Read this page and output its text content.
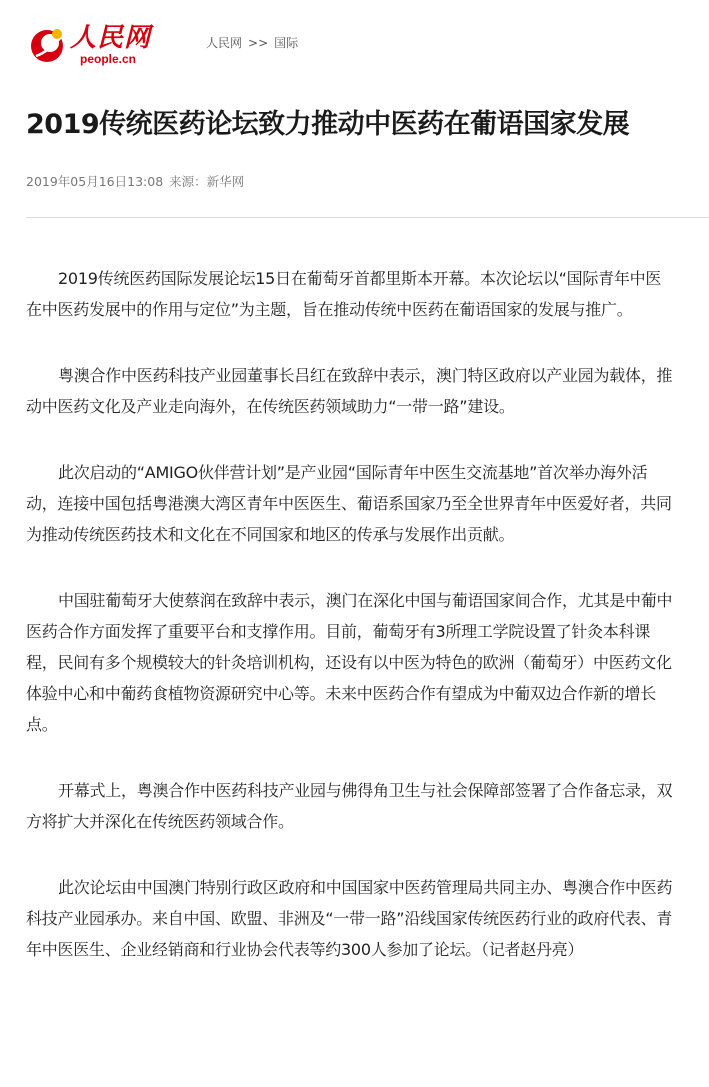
人民网
people.cn
人民网 >> 国际
2019传统医药论坛致力推动中医药在葡语国家发展
2019年05月16日13:08 来源：新华网

2019传统医药国际发展论坛15日在葡萄牙首都里斯本开幕。本次论坛以“国际青年中医在中医药发展中的作用与定位”为主题，旨在推动传统中医药在葡语国家的发展与推广。

粤澳合作中医药科技产业园董事长吕红在致辞中表示，澳门特区政府以产业园为载体，推动中医药文化及产业走向海外，在传统医药领域助力“一带一路”建设。

此次启动的“AMIGO伙伴营计划”是产业园“国际青年中医生交流基地”首次举办海外活动，连接中国包括粤港澳大湾区青年中医医生、葡语系国家乃至全世界青年中医爱好者，共同为推动传统医药技术和文化在不同国家和地区的传承与发展作出贡献。

中国驻葡萄牙大使蔡润在致辞中表示，澳门在深化中国与葡语国家间合作，尤其是中葡中医药合作方面发挥了重要平台和支撑作用。目前，葡萄牙有3所理工学院设置了针灸本科课程，民间有多个规模较大的针灸培训机构，还设有以中医为特色的欧洲（葡萄牙）中医药文化体验中心和中葡药食植物资源研究中心等。未来中医药合作有望成为中葡双边合作新的增长点。

开幕式上，粤澳合作中医药科技产业园与佛得角卫生与社会保障部签署了合作备忘录，双方将扩大并深化在传统医药领域合作。

此次论坛由中国澳门特别行政区政府和中国国家中医药管理局共同主办、粤澳合作中医药科技产业园承办。来自中国、欧盟、非洲及“一带一路”沿线国家传统医药行业的政府代表、青年中医医生、企业经销商和行业协会代表等约300人参加了论坛。（记者赵丹亮）
